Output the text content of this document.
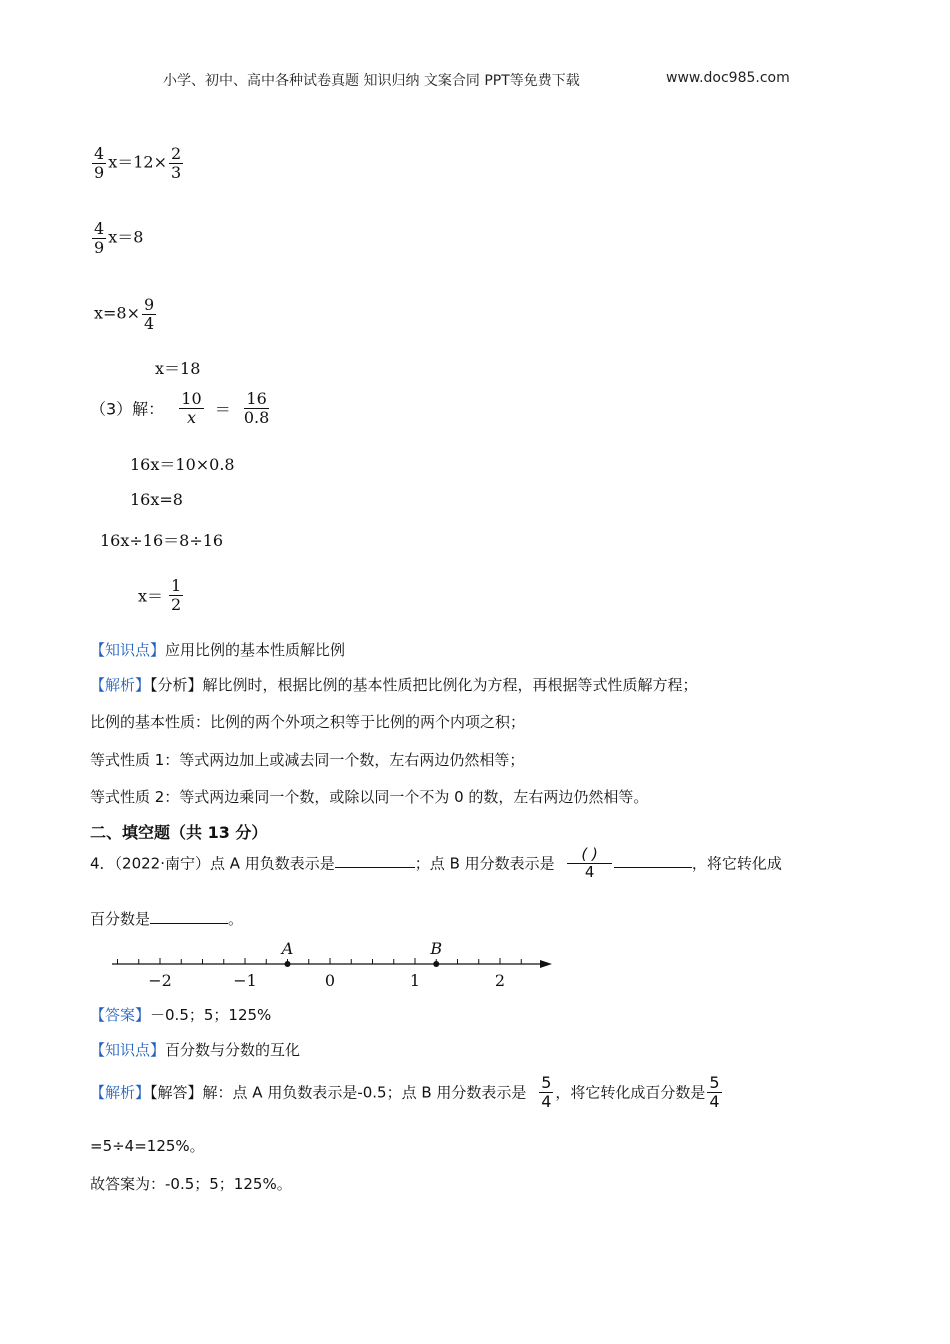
小学、初中、高中各种试卷真题 知识归纳 文案合同 PPT等免费下载	www.doc985.com
$\frac{4}{9} x=12\times \frac{2}{3}$
$\frac{4}{9} x=8$
$x=8\times \frac{9}{4}$
x＝18
（3）解： $\frac{10}{x} = \frac{16}{0.8}$
16x＝10×0.8
16x=8
16x÷16＝8÷16
$x= \frac{1}{2}$
【知识点】应用比例的基本性质解比例
【解析】【分析】解比例时，根据比例的基本性质把比例化为方程，再根据等式性质解方程；
比例的基本性质：比例的两个外项之积等于比例的两个内项之积；
等式性质 1：等式两边加上或减去同一个数，左右两边仍然相等；
等式性质 2：等式两边乘同一个数，或除以同一个不为 0 的数，左右两边仍然相等。
二、填空题（共 13 分）
4．（2022·南宁）点 A 用负数表示是	；点 B 用分数表示是 $\frac{( )}{4}$	，将它转化成
百分数是	。
−2	−1	0	1	2
A	B
【答案】－0.5；5；125%
【知识点】百分数与分数的互化
【解析】【解答】解：点 A 用负数表示是-0.5；点 B 用分数表示是 $\frac{5}{4}$ ，将它转化成百分数是 $\frac{5}{4}$
=5÷4=125%。
故答案为：-0.5；5；125%。
